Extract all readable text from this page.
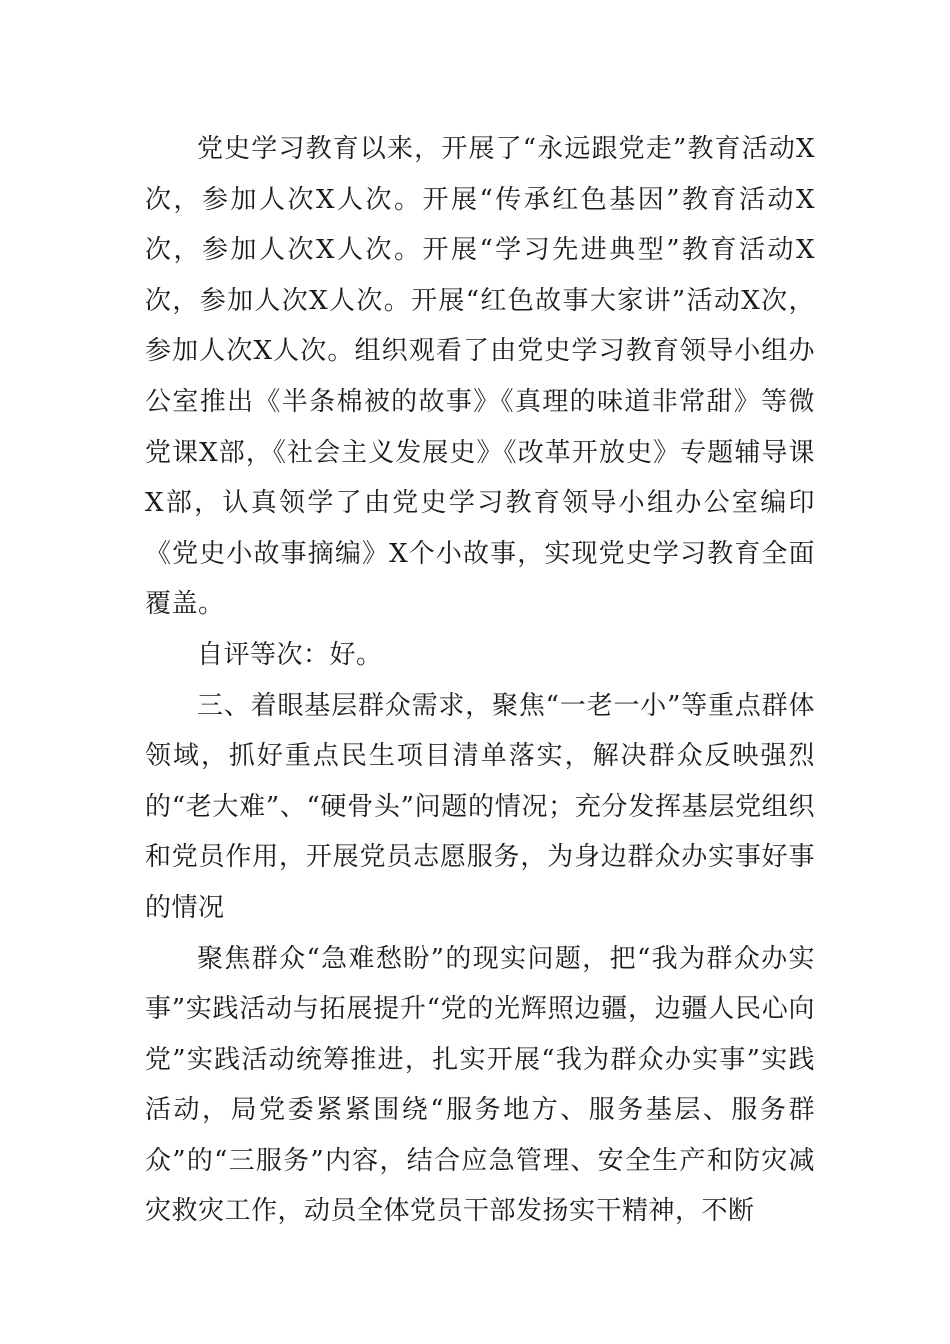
党史学习教育以来，开展了“永远跟党走”教育活动X次，参加人次X人次。开展“传承红色基因”教育活动X次，参加人次X人次。开展“学习先进典型”教育活动X次，参加人次X人次。开展“红色故事大家讲”活动X次，参加人次X人次。组织观看了由党史学习教育领导小组办公室推出《半条棉被的故事》《真理的味道非常甜》等微党课X部，《社会主义发展史》《改革开放史》专题辅导课X部，认真领学了由党史学习教育领导小组办公室编印《党史小故事摘编》X个小故事，实现党史学习教育全面覆盖。

自评等次：好。

三、着眼基层群众需求，聚焦“一老一小”等重点群体领域，抓好重点民生项目清单落实，解决群众反映强烈的“老大难”、“硬骨头”问题的情况；充分发挥基层党组织和党员作用，开展党员志愿服务，为身边群众办实事好事的情况

聚焦群众“急难愁盼”的现实问题，把“我为群众办实事”实践活动与拓展提升“党的光辉照边疆，边疆人民心向党”实践活动统筹推进，扎实开展“我为群众办实事”实践活动，局党委紧紧围绕“服务地方、服务基层、服务群众”的“三服务”内容，结合应急管理、安全生产和防灾减灾救灾工作，动员全体党员干部发扬实干精神，不断
